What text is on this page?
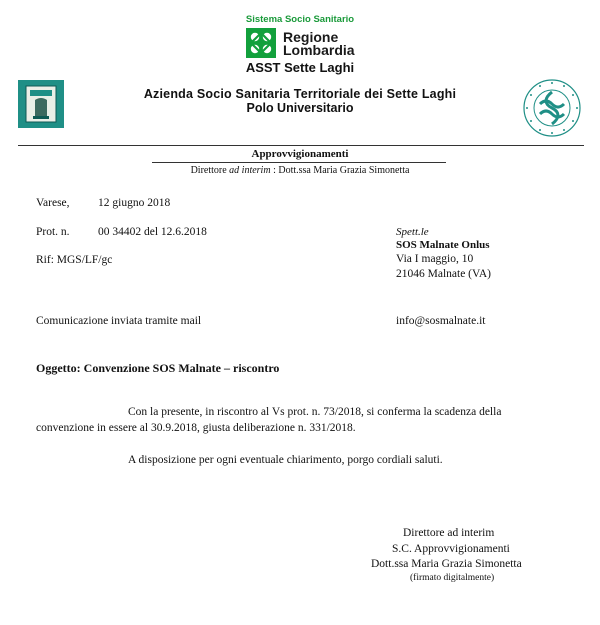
Sistema Socio Sanitario
Regione
Lombardia
ASST Sette Laghi
Azienda Socio Sanitaria Territoriale dei Sette Laghi
Polo Universitario
Approvvigionamenti
Direttore ad interim : Dott.ssa Maria Grazia Simonetta
Varese, 12 giugno 2018
Prot. n. 00 34402 del 12.6.2018
Rif: MGS/LF/gc
Spett.le
SOS Malnate Onlus
Via I maggio, 10
21046 Malnate (VA)
Comunicazione inviata tramite mail	info@sosmalnate.it
Oggetto: Convenzione SOS Malnate – riscontro
Con la presente, in riscontro al Vs prot. n. 73/2018, si conferma la scadenza della
convenzione in essere al 30.9.2018, giusta deliberazione n. 331/2018.
A disposizione per ogni eventuale chiarimento, porgo cordiali saluti.
Direttore ad interim
S.C. Approvvigionamenti
Dott.ssa Maria Grazia Simonetta
(firmato digitalmente)
